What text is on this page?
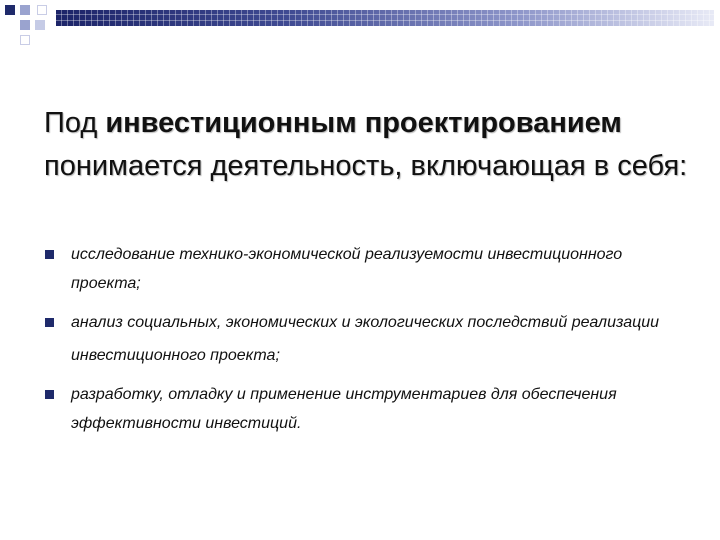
Под инвестиционным проектированием понимается деятельность, включающая в себя:

исследование технико-экономической реализуемости инвестиционного проекта;
анализ социальных, экономических и экологических последствий реализации инвестиционного проекта;
разработку, отладку и применение инструментариев для обеспечения эффективности инвестиций.
